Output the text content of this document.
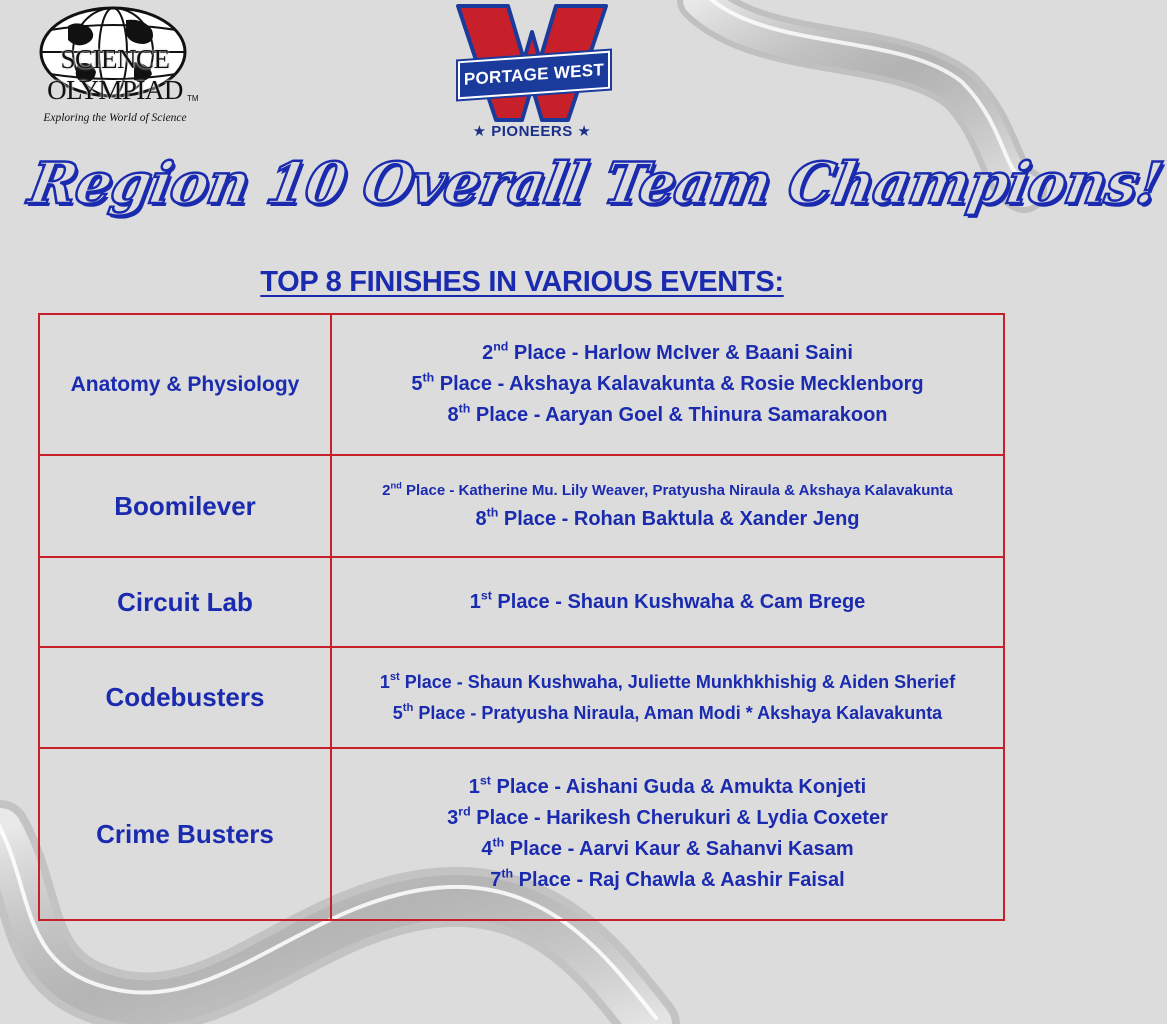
SCIENCE OLYMPIAD TM
Exploring the World of Science
PORTAGE WEST
★ PIONEERS ★
Region 10 Overall Team Champions!
TOP 8 FINISHES IN VARIOUS EVENTS:
Anatomy & Physiology	2nd Place - Harlow McIver & Baani Saini
5th Place - Akshaya Kalavakunta & Rosie Mecklenborg
8th Place - Aaryan Goel & Thinura Samarakoon

Boomilever	2nd Place - Katherine Mu. Lily Weaver, Pratyusha Niraula & Akshaya Kalavakunta
8th Place - Rohan Baktula & Xander Jeng

Circuit Lab	1st Place - Shaun Kushwaha & Cam Brege

Codebusters	1st Place - Shaun Kushwaha, Juliette Munkhkhishig & Aiden Sherief
5th Place - Pratyusha Niraula, Aman Modi * Akshaya Kalavakunta

Crime Busters	1st Place - Aishani Guda & Amukta Konjeti
3rd Place - Harikesh Cherukuri & Lydia Coxeter
4th Place - Aarvi Kaur & Sahanvi Kasam
7th Place - Raj Chawla & Aashir Faisal
